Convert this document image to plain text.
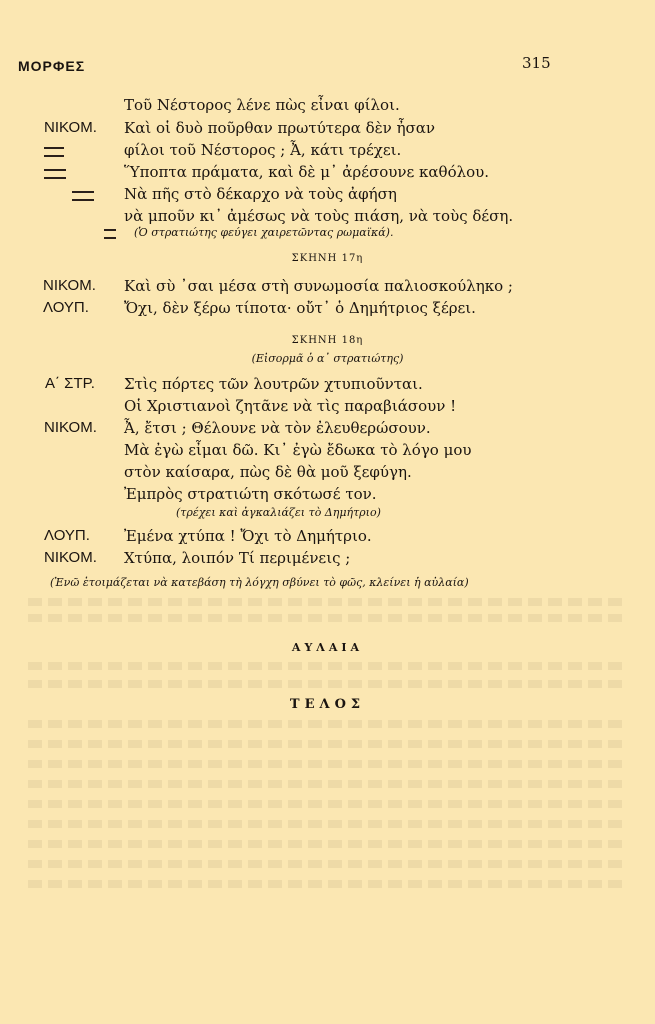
ΜΟΡΦΕΣ	315
Τοῦ Νέστορος λένε πὼς εἶναι φίλοι.
ΝΙΚΟΜ. Καὶ οἱ δυὸ ποῦρθαν πρωτύτερα δὲν ἦσαν
φίλοι τοῦ Νέστορος ; Ἆ, κάτι τρέχει.
Ὕποπτα πράματα, καὶ δὲ μ᾿ ἀρέσουνε καθόλου.
Νὰ πῆς στὸ δέκαρχο νὰ τοὺς ἀφήση
νὰ μποῦν κι᾿ ἀμέσως νὰ τοὺς πιάση, νὰ τοὺς δέση.
(Ὁ στρατιώτης φεύγει χαιρετῶντας ρωμαϊκά).
ΣΚΗΝΗ 17η
ΝΙΚΟΜ. Καὶ σὺ ᾿σαι μέσα στὴ συνωμοσία παλιοσκούληκο ;
ΛΟΥΠ. Ὄχι, δὲν ξέρω τίποτα· οὔτ᾿ ὁ Δημήτριος ξέρει.
ΣΚΗΝΗ 18η
(Εἰσορμᾶ ὁ α᾿ στρατιώτης)
Α΄ ΣΤΡ. Στὶς πόρτες τῶν λουτρῶν χτυπιοῦνται.
Οἱ Χριστιανοὶ ζητᾶνε νὰ τὶς παραβιάσουν !
ΝΙΚΟΜ. Ἆ, ἔτσι ; Θέλουνε νὰ τὸν ἐλευθερώσουν.
Μὰ ἐγὼ εἶμαι δῶ. Κι᾿ ἐγὼ ἔδωκα τὸ λόγο μου
στὸν καίσαρα, πὼς δὲ θὰ μοῦ ξεφύγη.
Ἐμπρὸς στρατιώτη σκότωσέ τον.
(τρέχει καὶ ἀγκαλιάζει τὸ Δημήτριο)
ΛΟΥΠ. Ἐμένα χτύπα ! Ὄχι τὸ Δημήτριο.
ΝΙΚΟΜ. Χτύπα, λοιπόν Τί περιμένεις ;
(Ἐνῶ ἑτοιμάζεται νὰ κατεβάση τὴ λόγχη σβύνει τὸ φῶς, κλείνει ἡ αὐλαία)
ΑΥΛΑΙΑ
ΤΕΛΟΣ
